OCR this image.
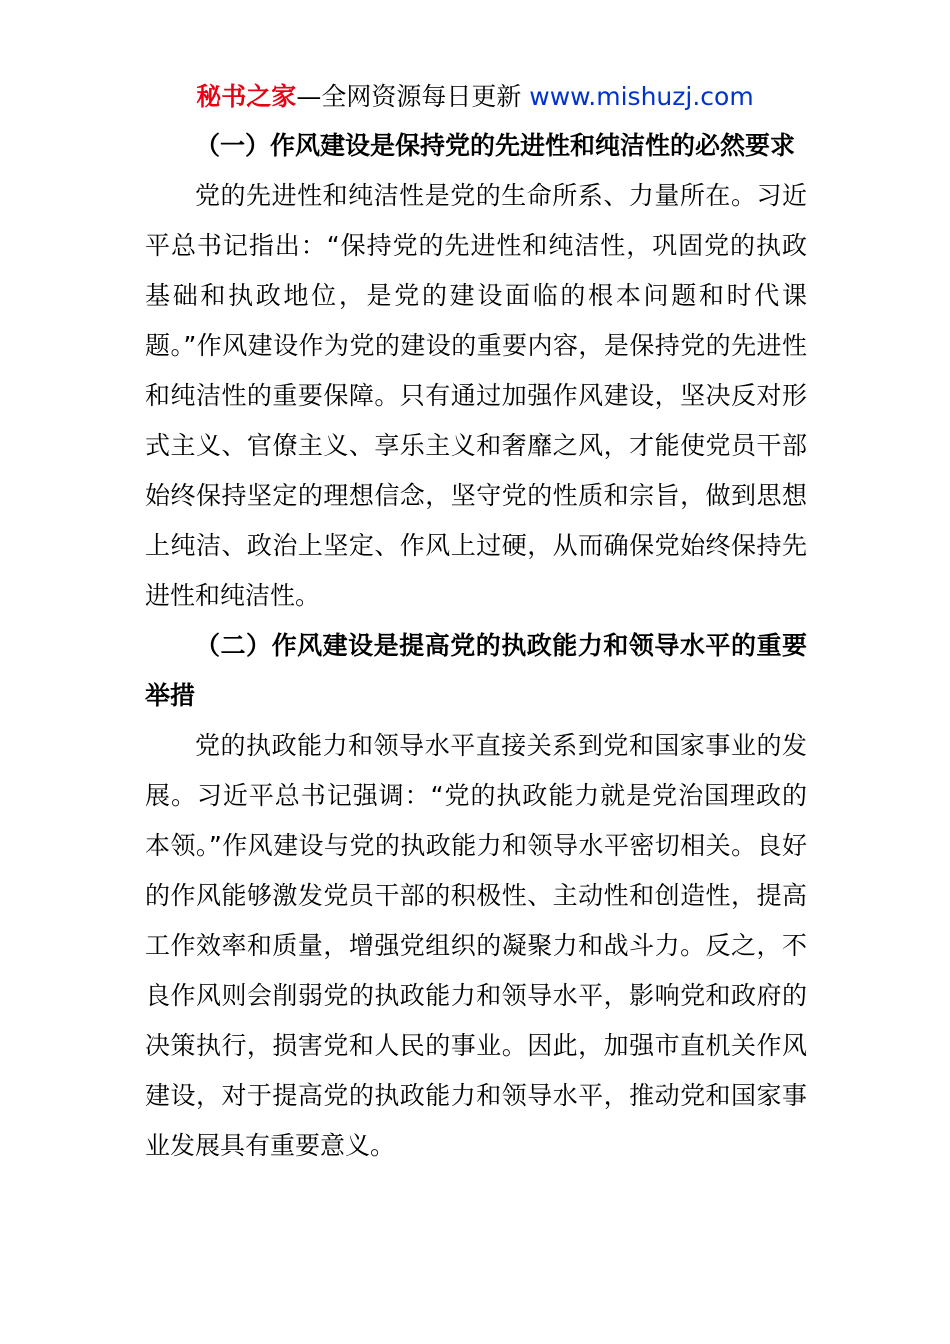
秘书之家—全网资源每日更新 www.mishuzj.com

（一）作风建设是保持党的先进性和纯洁性的必然要求

党的先进性和纯洁性是党的生命所系、力量所在。习近平总书记指出：“保持党的先进性和纯洁性，巩固党的执政基础和执政地位，是党的建设面临的根本问题和时代课题。”作风建设作为党的建设的重要内容，是保持党的先进性和纯洁性的重要保障。只有通过加强作风建设，坚决反对形式主义、官僚主义、享乐主义和奢靡之风，才能使党员干部始终保持坚定的理想信念，坚守党的性质和宗旨，做到思想上纯洁、政治上坚定、作风上过硬，从而确保党始终保持先进性和纯洁性。

（二）作风建设是提高党的执政能力和领导水平的重要举措

党的执政能力和领导水平直接关系到党和国家事业的发展。习近平总书记强调：“党的执政能力就是党治国理政的本领。”作风建设与党的执政能力和领导水平密切相关。良好的作风能够激发党员干部的积极性、主动性和创造性，提高工作效率和质量，增强党组织的凝聚力和战斗力。反之，不良作风则会削弱党的执政能力和领导水平，影响党和政府的决策执行，损害党和人民的事业。因此，加强市直机关作风建设，对于提高党的执政能力和领导水平，推动党和国家事业发展具有重要意义。
